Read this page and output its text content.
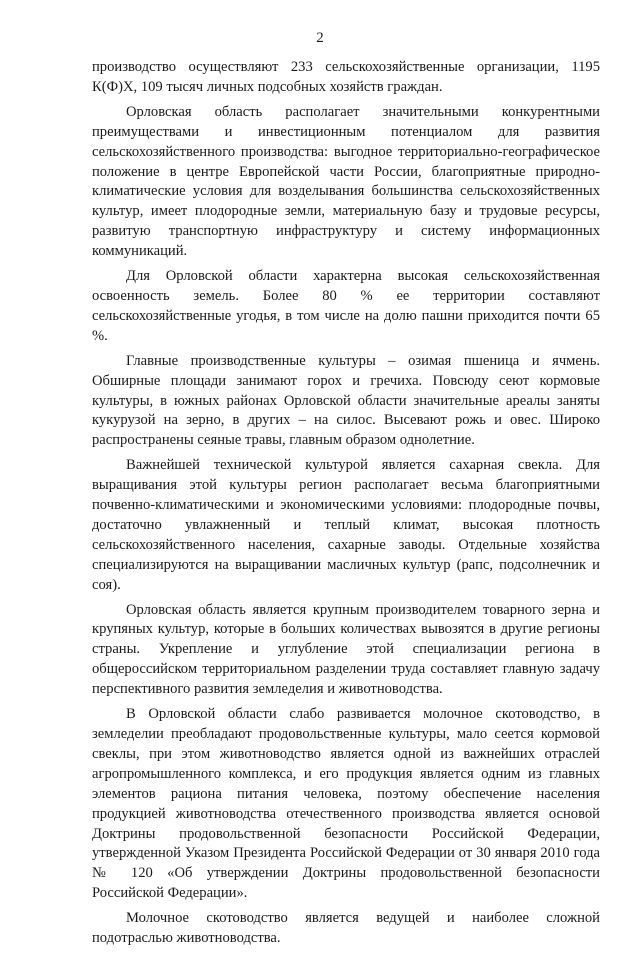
2

производство осуществляют 233 сельскохозяйственные организации, 1195 К(Ф)Х, 109 тысяч личных подсобных хозяйств граждан.

Орловская область располагает значительными конкурентными преимуществами и инвестиционным потенциалом для развития сельскохозяйственного производства: выгодное территориально-географическое положение в центре Европейской части России, благоприятные природно-климатические условия для возделывания большинства сельскохозяйственных культур, имеет плодородные земли, материальную базу и трудовые ресурсы, развитую транспортную инфраструктуру и систему информационных коммуникаций.

Для Орловской области характерна высокая сельскохозяйственная освоенность земель. Более 80 % ее территории составляют сельскохозяйственные угодья, в том числе на долю пашни приходится почти 65 %.

Главные производственные культуры – озимая пшеница и ячмень. Обширные площади занимают горох и гречиха. Повсюду сеют кормовые культуры, в южных районах Орловской области значительные ареалы заняты кукурузой на зерно, в других – на силос. Высевают рожь и овес. Широко распространены сеяные травы, главным образом однолетние.

Важнейшей технической культурой является сахарная свекла. Для выращивания этой культуры регион располагает весьма благоприятными почвенно-климатическими и экономическими условиями: плодородные почвы, достаточно увлажненный и теплый климат, высокая плотность сельскохозяйственного населения, сахарные заводы. Отдельные хозяйства специализируются на выращивании масличных культур (рапс, подсолнечник и соя).

Орловская область является крупным производителем товарного зерна и крупяных культур, которые в больших количествах вывозятся в другие регионы страны. Укрепление и углубление этой специализации региона в общероссийском территориальном разделении труда составляет главную задачу перспективного развития земледелия и животноводства.

В Орловской области слабо развивается молочное скотоводство, в земледелии преобладают продовольственные культуры, мало сеется кормовой свеклы, при этом животноводство является одной из важнейших отраслей агропромышленного комплекса, и его продукция является одним из главных элементов рациона питания человека, поэтому обеспечение населения продукцией животноводства отечественного производства является основой Доктрины продовольственной безопасности Российской Федерации, утвержденной Указом Президента Российской Федерации от 30 января 2010 года № 120 «Об утверждении Доктрины продовольственной безопасности Российской Федерации».

Молочное скотоводство является ведущей и наиболее сложной подотраслью животноводства.
